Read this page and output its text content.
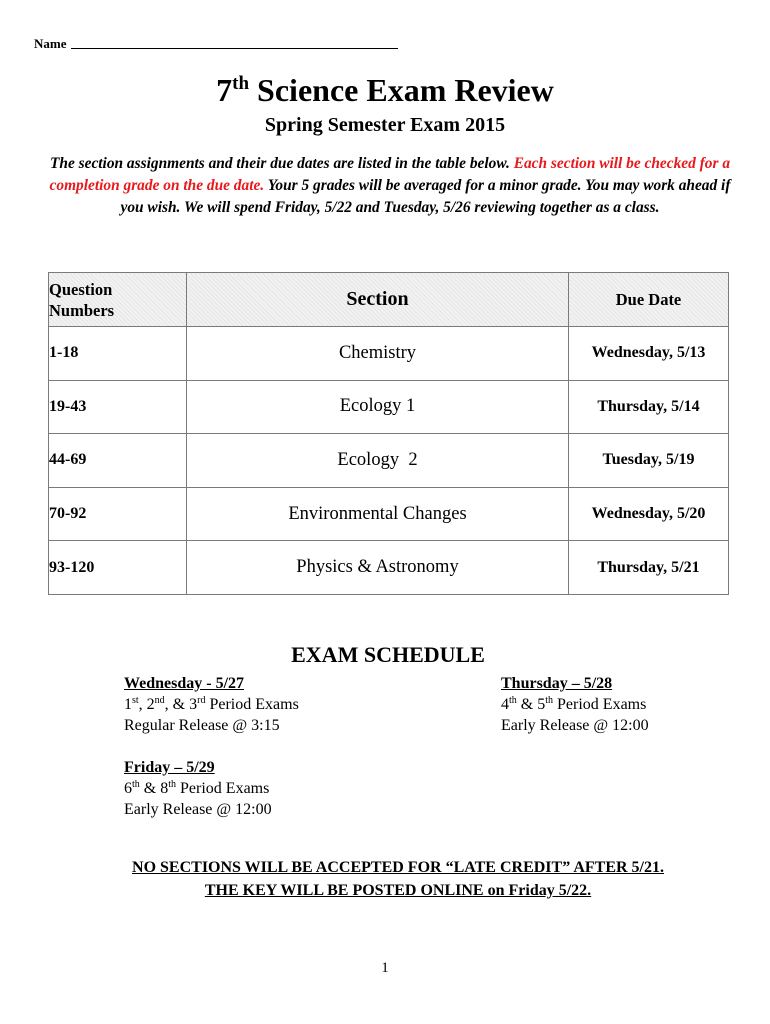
Name
7th Science Exam Review
Spring Semester Exam 2015
The section assignments and their due dates are listed in the table below. Each section will be checked for a completion grade on the due date. Your 5 grades will be averaged for a minor grade. You may work ahead if you wish. We will spend Friday, 5/22 and Tuesday, 5/26 reviewing together as a class.
Question
Numbers	Section	Due Date
1-18	Chemistry	Wednesday, 5/13
19-43	Ecology 1	Thursday, 5/14
44-69	Ecology  2	Tuesday, 5/19
70-92	Environmental Changes	Wednesday, 5/20
93-120	Physics & Astronomy	Thursday, 5/21
EXAM SCHEDULE
Wednesday - 5/27
1st, 2nd, & 3rd Period Exams
Regular Release @ 3:15
Thursday – 5/28
4th & 5th Period Exams
Early Release @ 12:00
Friday – 5/29
6th & 8th Period Exams
Early Release @ 12:00
NO SECTIONS WILL BE ACCEPTED FOR “LATE CREDIT” AFTER 5/21.
THE KEY WILL BE POSTED ONLINE on Friday 5/22.
1
